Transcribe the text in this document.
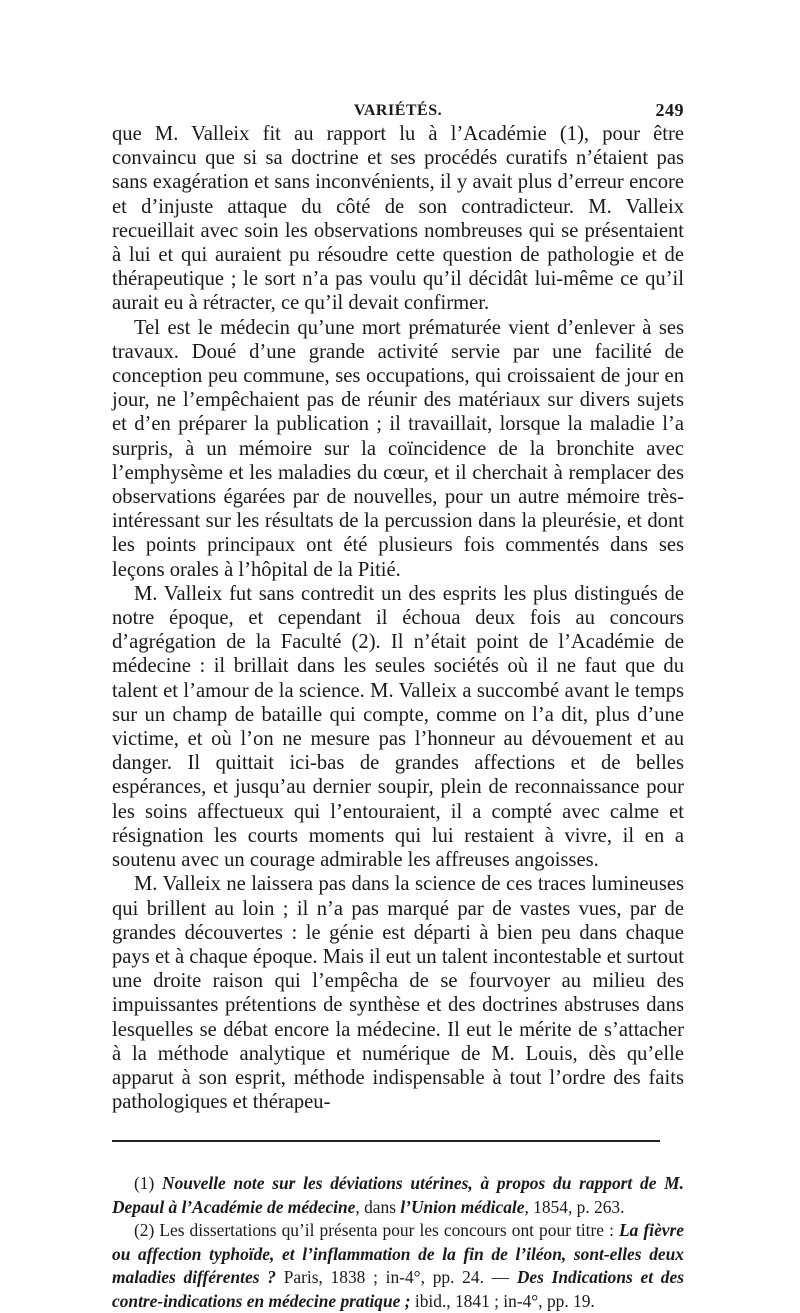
VARIÉTÉS.	249

que M. Valleix fit au rapport lu à l’Académie (1), pour être convaincu que si sa doctrine et ses procédés curatifs n’étaient pas sans exagération et sans inconvénients, il y avait plus d’erreur encore et d’injuste attaque du côté de son contradicteur. M. Valleix recueillait avec soin les observations nombreuses qui se présentaient à lui et qui auraient pu résoudre cette question de pathologie et de thérapeutique ; le sort n’a pas voulu qu’il décidât lui-même ce qu’il aurait eu à rétracter, ce qu’il devait confirmer.

Tel est le médecin qu’une mort prématurée vient d’enlever à ses travaux. Doué d’une grande activité servie par une facilité de conception peu commune, ses occupations, qui croissaient de jour en jour, ne l’empêchaient pas de réunir des matériaux sur divers sujets et d’en préparer la publication ; il travaillait, lorsque la maladie l’a surpris, à un mémoire sur la coïncidence de la bronchite avec l’emphysème et les maladies du cœur, et il cherchait à remplacer des observations égarées par de nouvelles, pour un autre mémoire très-intéressant sur les résultats de la percussion dans la pleurésie, et dont les points principaux ont été plusieurs fois commentés dans ses leçons orales à l’hôpital de la Pitié.

M. Valleix fut sans contredit un des esprits les plus distingués de notre époque, et cependant il échoua deux fois au concours d’agrégation de la Faculté (2). Il n’était point de l’Académie de médecine : il brillait dans les seules sociétés où il ne faut que du talent et l’amour de la science. M. Valleix a succombé avant le temps sur un champ de bataille qui compte, comme on l’a dit, plus d’une victime, et où l’on ne mesure pas l’honneur au dévouement et au danger. Il quittait ici-bas de grandes affections et de belles espérances, et jusqu’au dernier soupir, plein de reconnaissance pour les soins affectueux qui l’entouraient, il a compté avec calme et résignation les courts moments qui lui restaient à vivre, il en a soutenu avec un courage admirable les affreuses angoisses.

M. Valleix ne laissera pas dans la science de ces traces lumineuses qui brillent au loin ; il n’a pas marqué par de vastes vues, par de grandes découvertes : le génie est départi à bien peu dans chaque pays et à chaque époque. Mais il eut un talent incontestable et surtout une droite raison qui l’empêcha de se fourvoyer au milieu des impuissantes prétentions de synthèse et des doctrines abstruses dans lesquelles se débat encore la médecine. Il eut le mérite de s’attacher à la méthode analytique et numérique de M. Louis, dès qu’elle apparut à son esprit, méthode indispensable à tout l’ordre des faits pathologiques et thérapeu-

(1) Nouvelle note sur les déviations utérines, à propos du rapport de M. Depaul à l’Académie de médecine, dans l’Union médicale, 1854, p. 263.

(2) Les dissertations qu’il présenta pour les concours ont pour titre : La fièvre ou affection typhoïde, et l’inflammation de la fin de l’iléon, sont-elles deux maladies différentes ? Paris, 1838 ; in-4°, pp. 24. — Des Indications et des contre-indications en médecine pratique ; ibid., 1841 ; in-4°, pp. 19.
